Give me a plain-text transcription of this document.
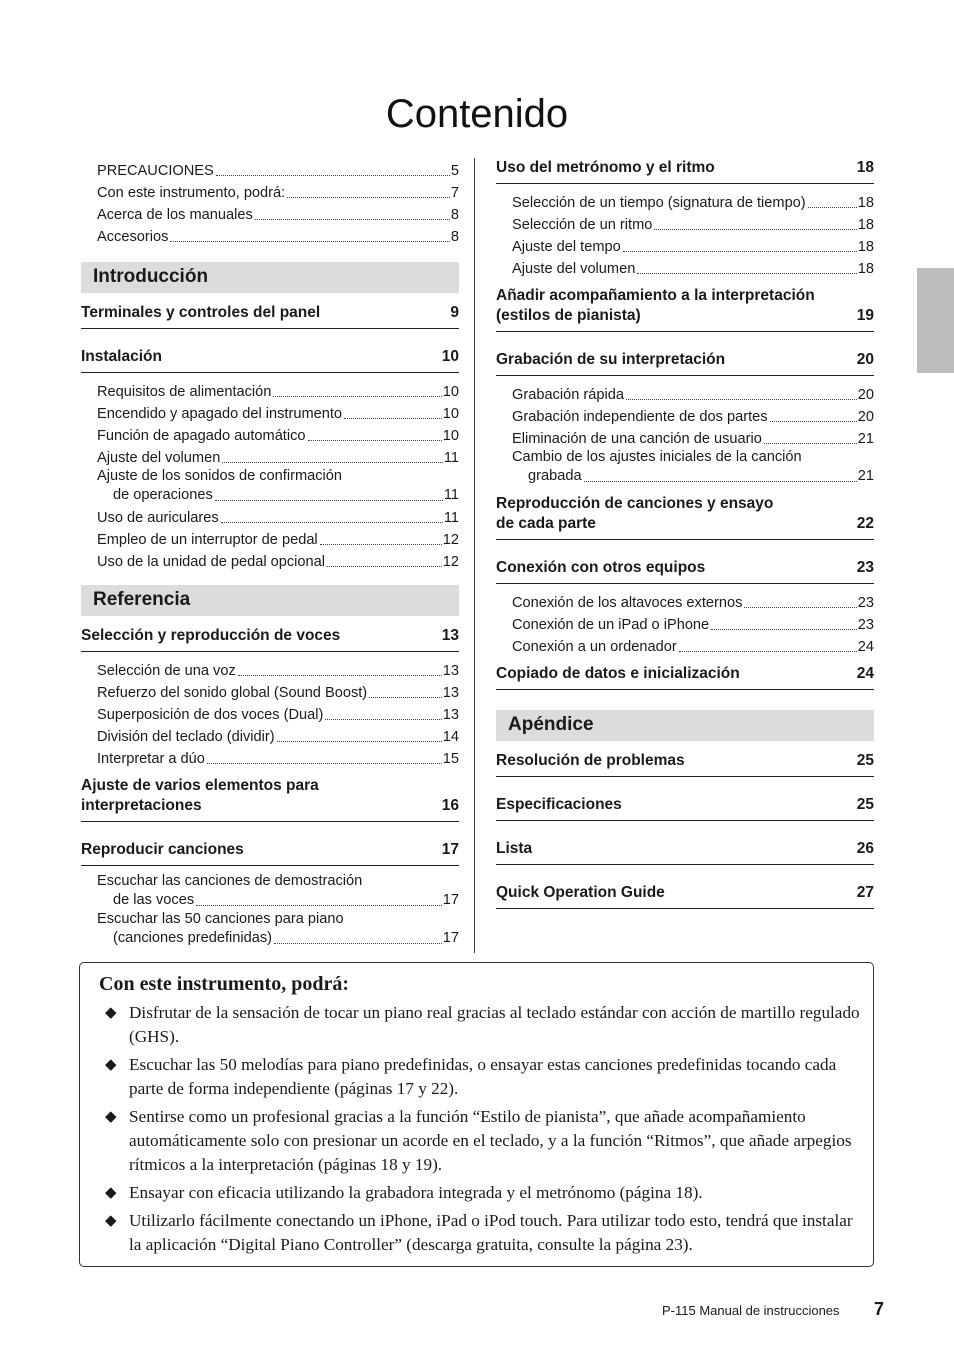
Contenido
PRECAUCIONES	5
Con este instrumento, podrá:	7
Acerca de los manuales	8
Accesorios	8
Introducción
Terminales y controles del panel	9
Instalación	10
Requisitos de alimentación	10
Encendido y apagado del instrumento	10
Función de apagado automático	10
Ajuste del volumen	11
Ajuste de los sonidos de confirmación
de operaciones	11
Uso de auriculares	11
Empleo de un interruptor de pedal	12
Uso de la unidad de pedal opcional	12
Referencia
Selección y reproducción de voces	13
Selección de una voz	13
Refuerzo del sonido global (Sound Boost)	13
Superposición de dos voces (Dual)	13
División del teclado (dividir)	14
Interpretar a dúo	15
Ajuste de varios elementos para
interpretaciones	16
Reproducir canciones	17
Escuchar las canciones de demostración
de las voces	17
Escuchar las 50 canciones para piano
(canciones predefinidas)	17
Uso del metrónomo y el ritmo	18
Selección de un tiempo (signatura de tiempo)	18
Selección de un ritmo	18
Ajuste del tempo	18
Ajuste del volumen	18
Añadir acompañamiento a la interpretación
(estilos de pianista)	19
Grabación de su interpretación	20
Grabación rápida	20
Grabación independiente de dos partes	20
Eliminación de una canción de usuario	21
Cambio de los ajustes iniciales de la canción
grabada	21
Reproducción de canciones y ensayo
de cada parte	22
Conexión con otros equipos	23
Conexión de los altavoces externos	23
Conexión de un iPad o iPhone	23
Conexión a un ordenador	24
Copiado de datos e inicialización	24
Apéndice
Resolución de problemas	25
Especificaciones	25
Lista	26
Quick Operation Guide	27
Con este instrumento, podrá:
◆ Disfrutar de la sensación de tocar un piano real gracias al teclado estándar con acción de martillo regulado (GHS).
◆ Escuchar las 50 melodías para piano predefinidas, o ensayar estas canciones predefinidas tocando cada parte de forma independiente (páginas 17 y 22).
◆ Sentirse como un profesional gracias a la función “Estilo de pianista”, que añade acompañamiento automáticamente solo con presionar un acorde en el teclado, y a la función “Ritmos”, que añade arpegios rítmicos a la interpretación (páginas 18 y 19).
◆ Ensayar con eficacia utilizando la grabadora integrada y el metrónomo (página 18).
◆ Utilizarlo fácilmente conectando un iPhone, iPad o iPod touch. Para utilizar todo esto, tendrá que instalar la aplicación “Digital Piano Controller” (descarga gratuita, consulte la página 23).
P-115 Manual de instrucciones 7
